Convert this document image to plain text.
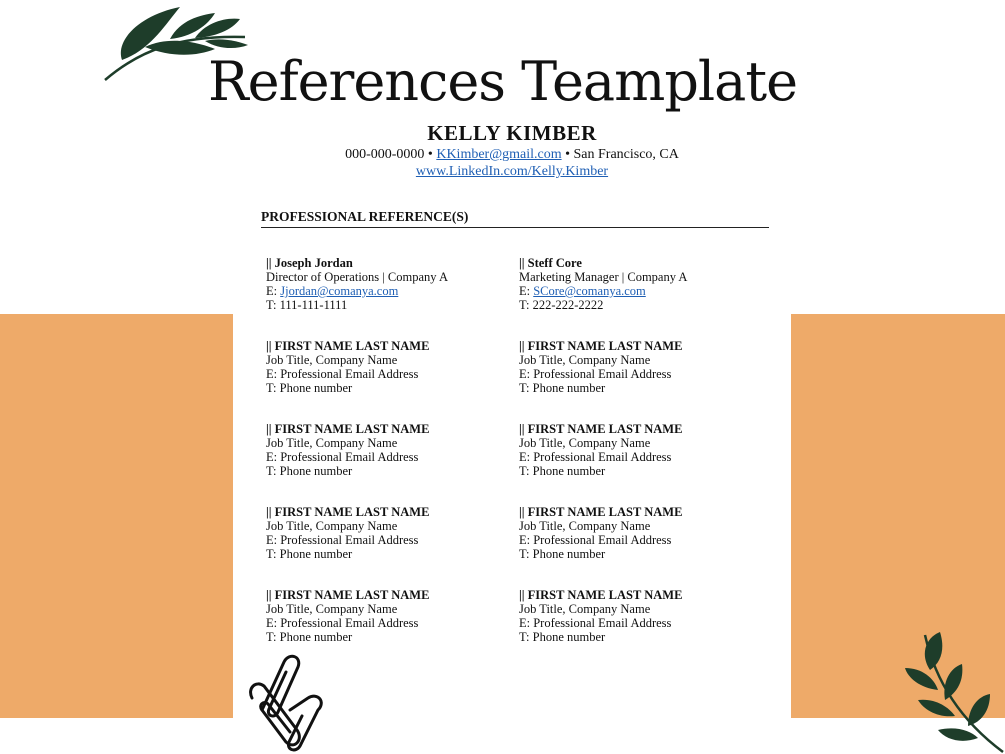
References Teamplate
KELLY KIMBER
000-000-0000 • KKimber@gmail.com • San Francisco, CA
www.LinkedIn.com/Kelly.Kimber
PROFESSIONAL REFERENCE(S)
|| Joseph Jordan
Director of Operations | Company A
E: Jjordan@comanya.com
T: 111-111-1111
|| Steff Core
Marketing Manager | Company A
E: SCore@comanya.com
T: 222-222-2222
|| FIRST NAME LAST NAME
Job Title, Company Name
E: Professional Email Address
T: Phone number
|| FIRST NAME LAST NAME
Job Title, Company Name
E: Professional Email Address
T: Phone number
|| FIRST NAME LAST NAME
Job Title, Company Name
E: Professional Email Address
T: Phone number
|| FIRST NAME LAST NAME
Job Title, Company Name
E: Professional Email Address
T: Phone number
|| FIRST NAME LAST NAME
Job Title, Company Name
E: Professional Email Address
T: Phone number
|| FIRST NAME LAST NAME
Job Title, Company Name
E: Professional Email Address
T: Phone number
|| FIRST NAME LAST NAME
Job Title, Company Name
E: Professional Email Address
T: Phone number
|| FIRST NAME LAST NAME
Job Title, Company Name
E: Professional Email Address
T: Phone number
